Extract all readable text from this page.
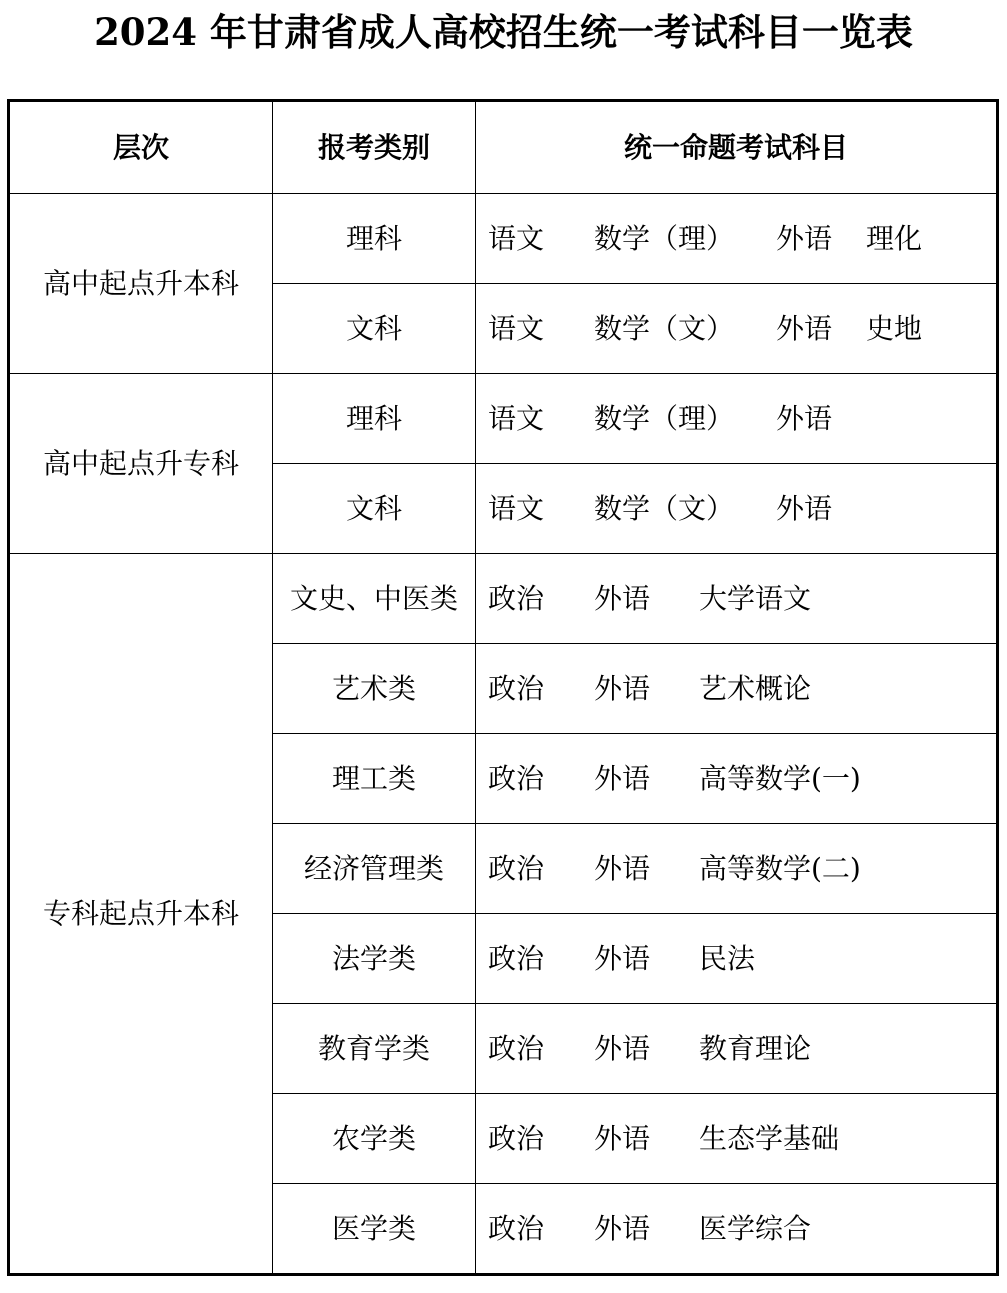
2024 年甘肃省成人高校招生统一考试科目一览表
层次	报考类别	统一命题考试科目
高中起点升本科	理科	语文 数学（理） 外语 理化
	文科	语文 数学（文） 外语 史地
高中起点升专科	理科	语文 数学（理） 外语
	文科	语文 数学（文） 外语
专科起点升本科	文史、中医类	政治 外语 大学语文
	艺术类	政治 外语 艺术概论
	理工类	政治 外语 高等数学(一)
	经济管理类	政治 外语 高等数学(二)
	法学类	政治 外语 民法
	教育学类	政治 外语 教育理论
	农学类	政治 外语 生态学基础
	医学类	政治 外语 医学综合
